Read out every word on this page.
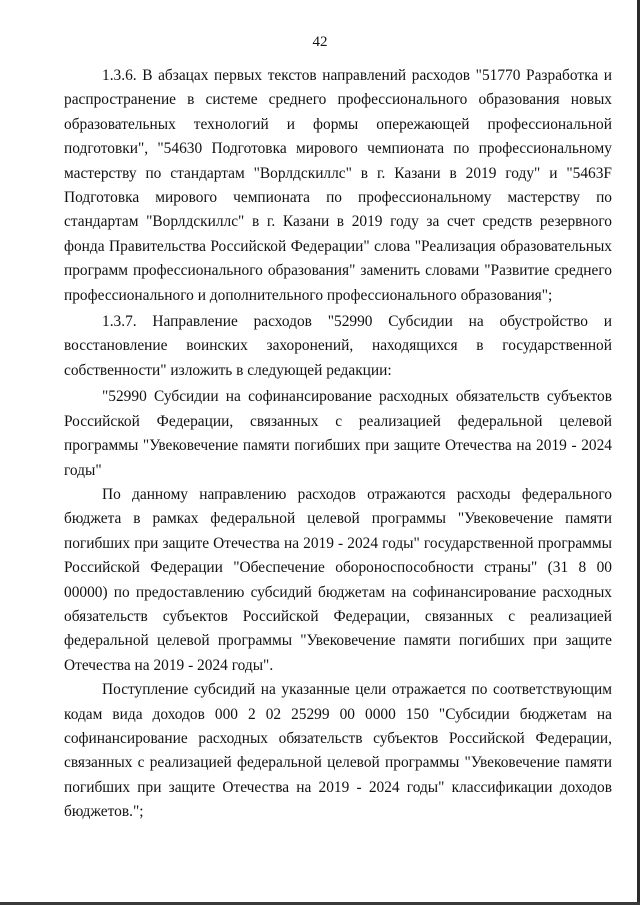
42

1.3.6. В абзацах первых текстов направлений расходов "51770 Разработка и распространение в системе среднего профессионального образования новых образовательных технологий и формы опережающей профессиональной подготовки", "54630 Подготовка мирового чемпионата по профессиональному мастерству по стандартам "Ворлдскиллс" в г. Казани в 2019 году" и "5463F Подготовка мирового чемпионата по профессиональному мастерству по стандартам "Ворлдскиллс" в г. Казани в 2019 году за счет средств резервного фонда Правительства Российской Федерации" слова "Реализация образовательных программ профессионального образования" заменить словами "Развитие среднего профессионального и дополнительного профессионального образования";

1.3.7. Направление расходов "52990 Субсидии на обустройство и восстановление воинских захоронений, находящихся в государственной собственности" изложить в следующей редакции:

"52990 Субсидии на софинансирование расходных обязательств субъектов Российской Федерации, связанных с реализацией федеральной целевой программы "Увековечение памяти погибших при защите Отечества на 2019 - 2024 годы"

По данному направлению расходов отражаются расходы федерального бюджета в рамках федеральной целевой программы "Увековечение памяти погибших при защите Отечества на 2019 - 2024 годы" государственной программы Российской Федерации "Обеспечение обороноспособности страны" (31 8 00 00000) по предоставлению субсидий бюджетам на софинансирование расходных обязательств субъектов Российской Федерации, связанных с реализацией федеральной целевой программы "Увековечение памяти погибших при защите Отечества на 2019 - 2024 годы".

Поступление субсидий на указанные цели отражается по соответствующим кодам вида доходов 000 2 02 25299 00 0000 150 "Субсидии бюджетам на софинансирование расходных обязательств субъектов Российской Федерации, связанных с реализацией федеральной целевой программы "Увековечение памяти погибших при защите Отечества на 2019 - 2024 годы" классификации доходов бюджетов.";
